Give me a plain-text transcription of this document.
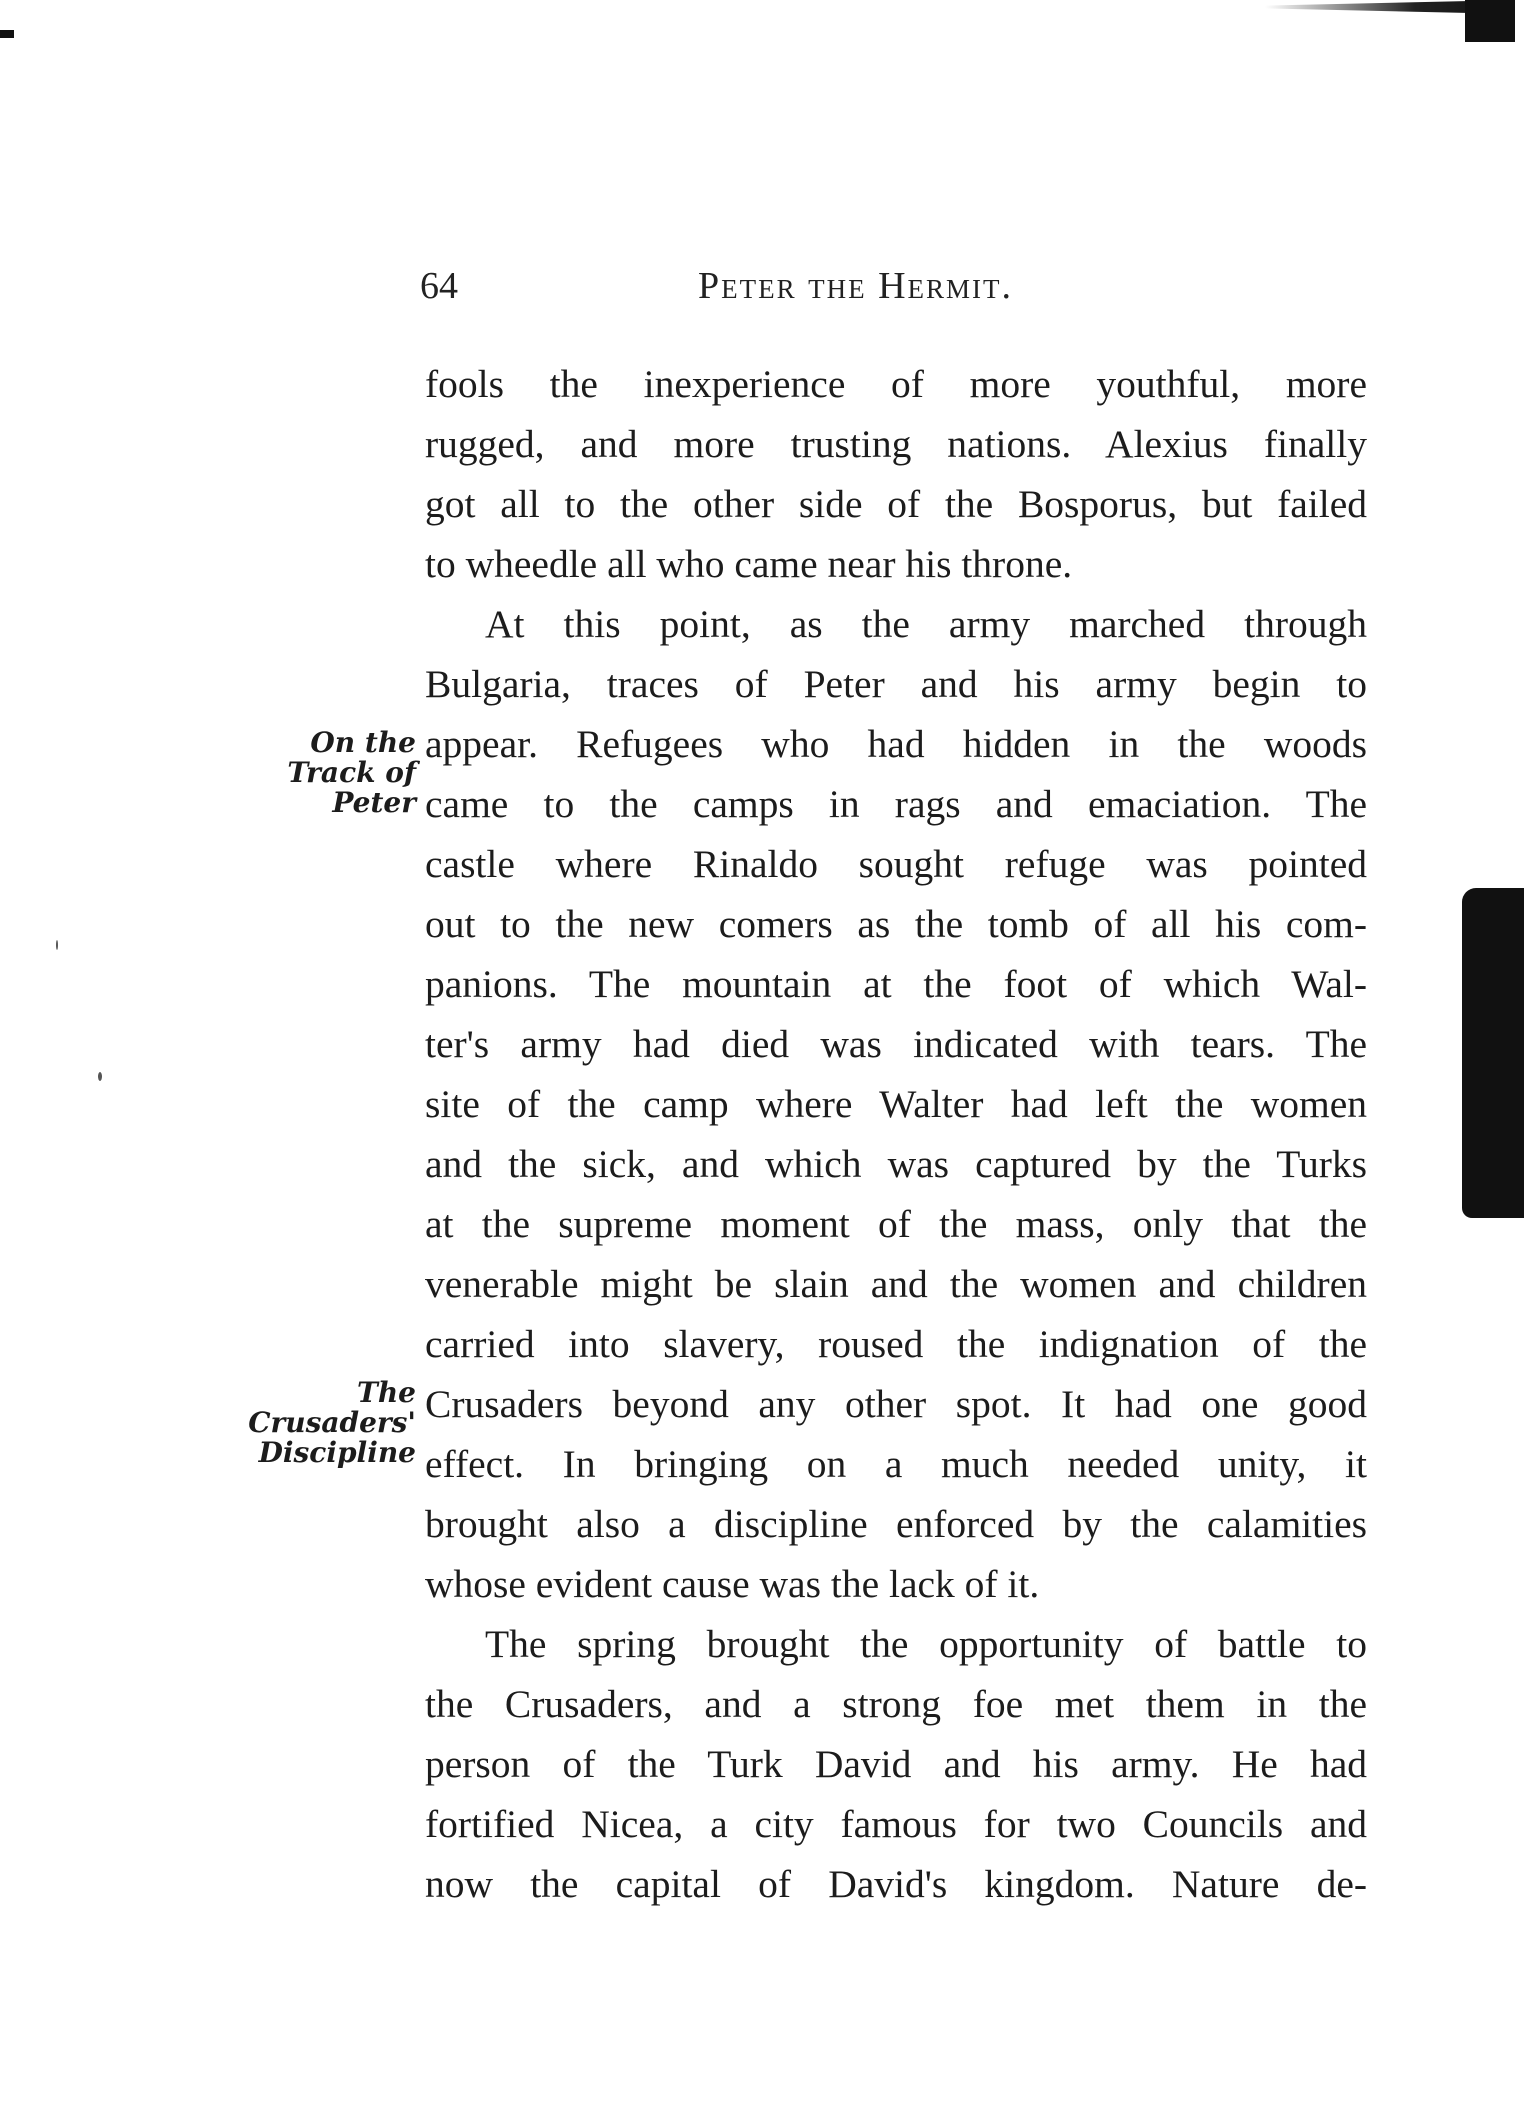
64	Peter the Hermit.
fools the inexperience of more youthful, more
rugged, and more trusting nations. Alexius finally
got all to the other side of the Bosporus, but failed
to wheedle all who came near his throne.
At this point, as the army marched through
Bulgaria, traces of Peter and his army begin to
appear. Refugees who had hidden in the woods
came to the camps in rags and emaciation. The
castle where Rinaldo sought refuge was pointed
out to the new comers as the tomb of all his com-
panions. The mountain at the foot of which Wal-
ter's army had died was indicated with tears. The
site of the camp where Walter had left the women
and the sick, and which was captured by the Turks
at the supreme moment of the mass, only that the
venerable might be slain and the women and children
carried into slavery, roused the indignation of the
Crusaders beyond any other spot. It had one good
effect. In bringing on a much needed unity, it
brought also a discipline enforced by the calamities
whose evident cause was the lack of it.
The spring brought the opportunity of battle to
the Crusaders, and a strong foe met them in the
person of the Turk David and his army. He had
fortified Nicea, a city famous for two Councils and
now the capital of David's kingdom. Nature de-
On the
Track of
Peter
The
Crusaders'
Discipline
